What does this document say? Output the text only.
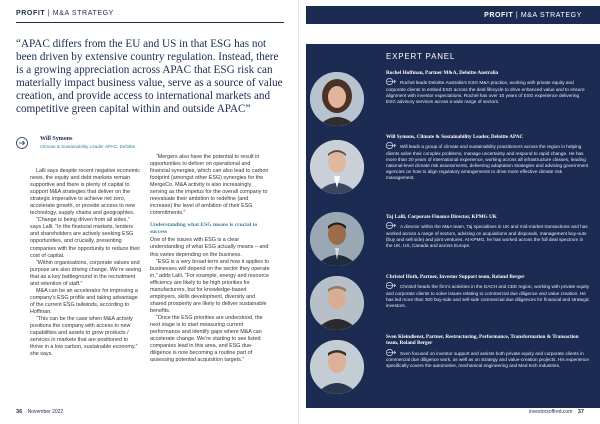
PROFIT | M&A STRATEGY	PROFIT | M&A STRATEGY
“APAC differs from the EU and US in that ESG has not been driven by extensive country regulation. Instead, there is a growing appreciation across APAC that ESG risk can materially impact business value, serve as a source of value creation, and provide access to international markets and competitive green capital within and outside APAC”
Will Symons
Climate & Sustainability Leader APAC, Deloitte

Lalli says despite recent negative economic news, the equity and debt markets remain supportive and there is plenty of capital to support M&A strategies that deliver on the strategic imperative to achieve net zero, accelerate growth, or provide access to new technology, supply chains and geographies.

“Change is being driven from all sides,” says Lalli. “In the financial markets, lenders and shareholders are actively seeking ESG opportunities, and crucially, presenting companies with the opportunity to reduce their cost of capital.

“Within organisations, corporate values and purpose are also driving change. We’re seeing that as a key battleground in the recruitment and retention of staff.”

M&A can be an accelerator for improving a company’s ESG profile and taking advantage of the current ESG tailwinds, according to Hoffman.

“This can be the case when M&A activity positions the company with access to new capabilities and assets to grow products / services in markets that are positioned to thrive in a low carbon, sustainable economy,” she says.

“Mergers also have the potential to result in opportunities to deliver on operational and financial synergies, which can also lead to carbon footprint (amongst other ESG) synergies for the MergeCo. M&A activity is also increasingly serving as the impetus for the overall company to reevaluate their ambition to redefine (and increase) the level of ambition of their ESG commitments.”

Understanding what ESG means is crucial to success

One of the issues with ESG is a clear understanding of what ESG actually means – and this varies depending on the business.

“ESG is a very broad term and how it applies to businesses will depend on the sector they operate in,” adds Lalli. “For example, energy and resource efficiency are likely to be high priorities for manufacturers, but for knowledge-based employers, skills development, diversity and shared prosperity are likely to deliver sustainable benefits.

“Once the ESG priorities are understood, the next stage is to start measuring current performance and identify gaps where M&A can accelerate change. We’re starting to see listed companies lead in this area, and ESG due-diligence is now becoming a routine part of assessing potential acquisition targets.”

36 November 2022
EXPERT PANEL
Rochel Hoffman, Partner M&A, Deloitte Australia
Rochel leads Deloitte Australia’s ESG M&A practice, working with private equity and corporate clients to embed ESG across the deal lifecycle to drive enhanced value and to ensure alignment with investor expectations. Rochel has over 10 years of ESG experience delivering ESG advisory services across a wide range of sectors.
Will Symons, Climate & Sustainability Leader, Deloitte APAC
Will leads a group of climate and sustainability practitioners across the region in helping clients solve their complex problems, manage uncertainty and respond to rapid change. He has more than 20 years of international experience, working across all infrastructure classes, leading national-level climate risk assessments, delivering adaptation strategies and advising government agencies on how to align regulatory arrangements to drive more effective climate risk management.
Taj Lalli, Corporate Finance Director, KPMG UK
A director within the M&A team, Taj specialises in UK and mid-market transactions and has worked across a range of sectors, advising on acquisitions and disposals, management buy-outs (buy and sell side) and joint ventures. At KPMG, he has worked across the full deal spectrum in the UK, US, Canada and across Europe.
Christof Huth, Partner, Investor Support team, Roland Berger
Christof heads the firm’s activities in the DACH and CEE region, working with private equity and corporate clients to solve issues relating to commercial due diligence and value creation. He has led more than 300 buy-side and sell-side commercial due diligences for financial and strategic investors.
Sven Kleindienst, Partner, Restructuring, Performance, Transformation & Transaction team, Roland Berger
Sven focused on investor support and assists both private equity and corporate clients in commercial due diligence work, as well as on strategy and value-creation projects. His experience specifically covers the automotive, mechanical engineering and Med tech industries.
investorsoffred.com 37
